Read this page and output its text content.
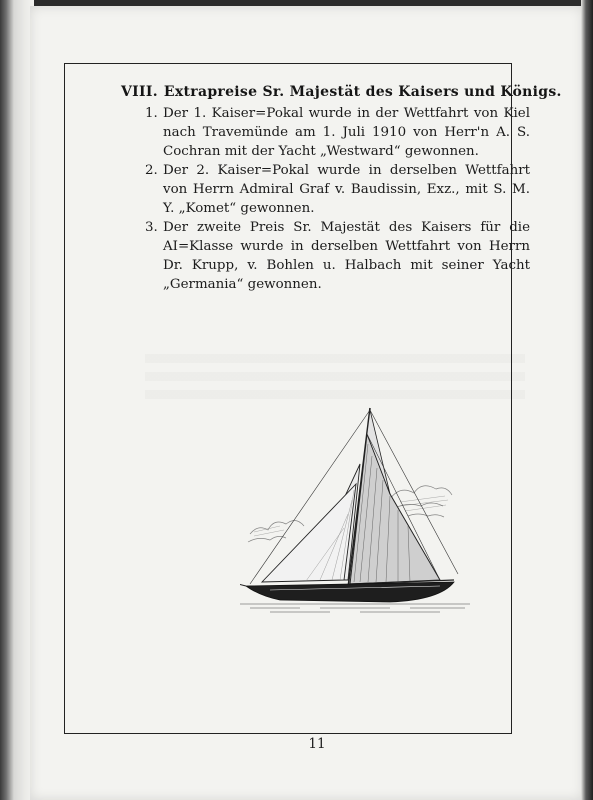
VIII. Extrapreise Sr. Majestät des Kaisers und Königs.
1. Der 1. Kaiser=Pokal wurde in der Wettfahrt von Kiel nach Travemünde am 1. Juli 1910 von Herr'n A. S. Cochran mit der Yacht „Westward“ gewonnen.
2. Der 2. Kaiser=Pokal wurde in derselben Wettfahrt von Herrn Admiral Graf v. Baudissin, Exz., mit S. M. Y. „Komet“ gewonnen.
3. Der zweite Preis Sr. Majestät des Kaisers für die AI=Klasse wurde in derselben Wettfahrt von Herrn Dr. Krupp, v. Bohlen u. Halbach mit seiner Yacht „Germania“ gewonnen.
11
